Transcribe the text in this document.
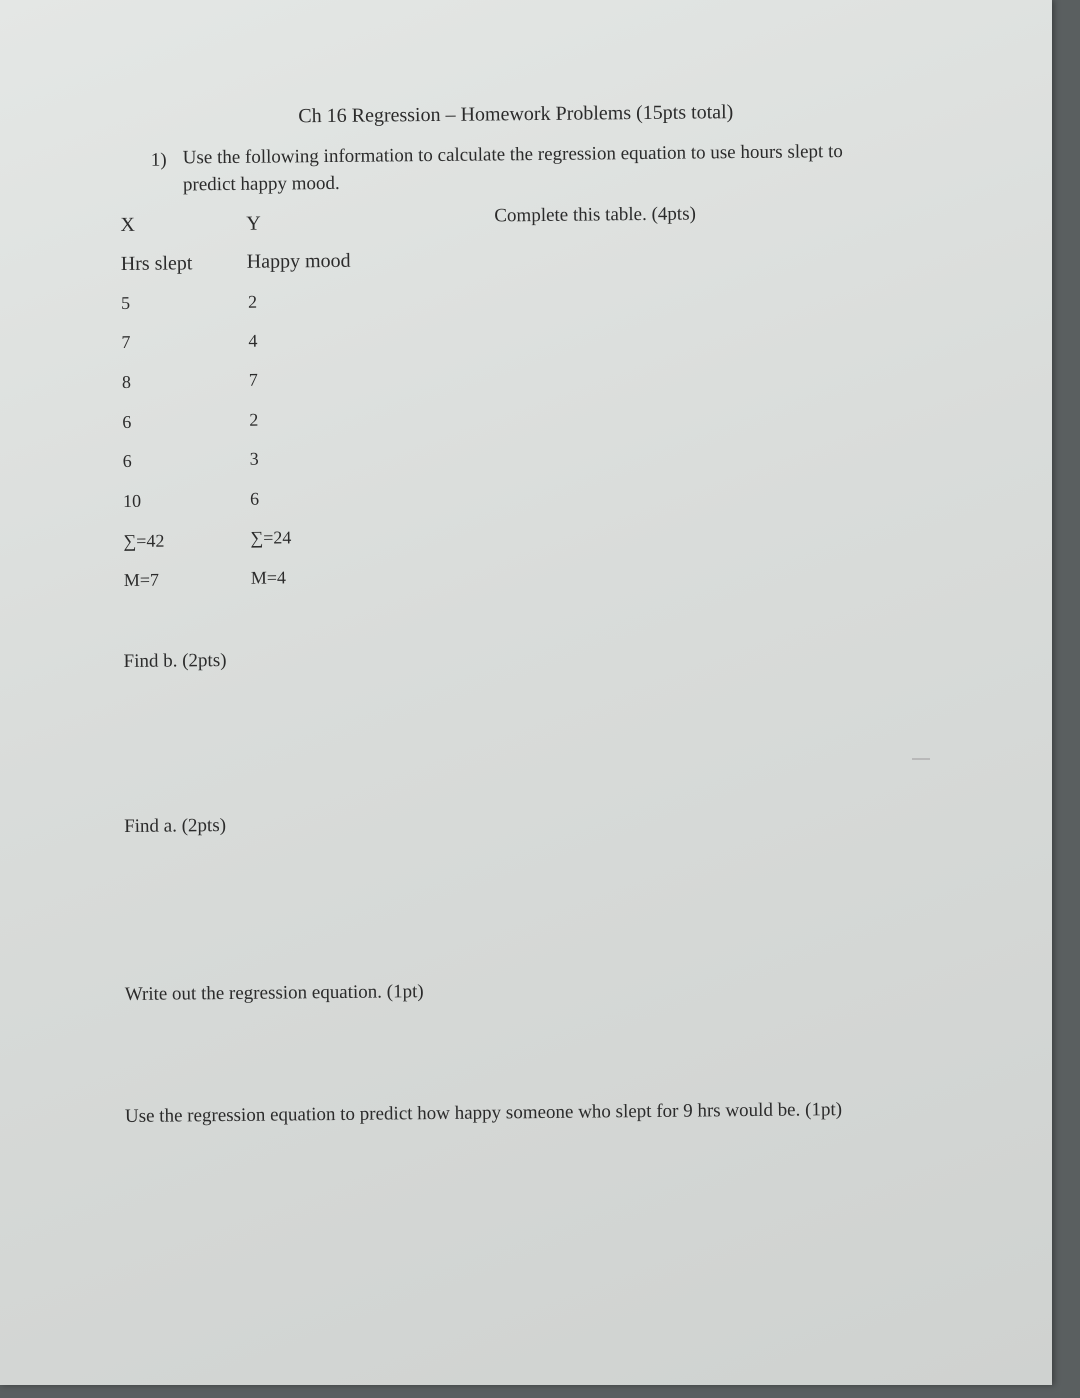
Ch 16 Regression – Homework Problems (15pts total)
1) Use the following information to calculate the regression equation to use hours slept to
predict happy mood.
X	Y	Complete this table. (4pts)
Hrs slept	Happy mood
5	2
7	4
8	7
6	2
6	3
10	6
∑=42	∑=24
M=7	M=4
Find b. (2pts)
Find a. (2pts)
Write out the regression equation. (1pt)
Use the regression equation to predict how happy someone who slept for 9 hrs would be. (1pt)
